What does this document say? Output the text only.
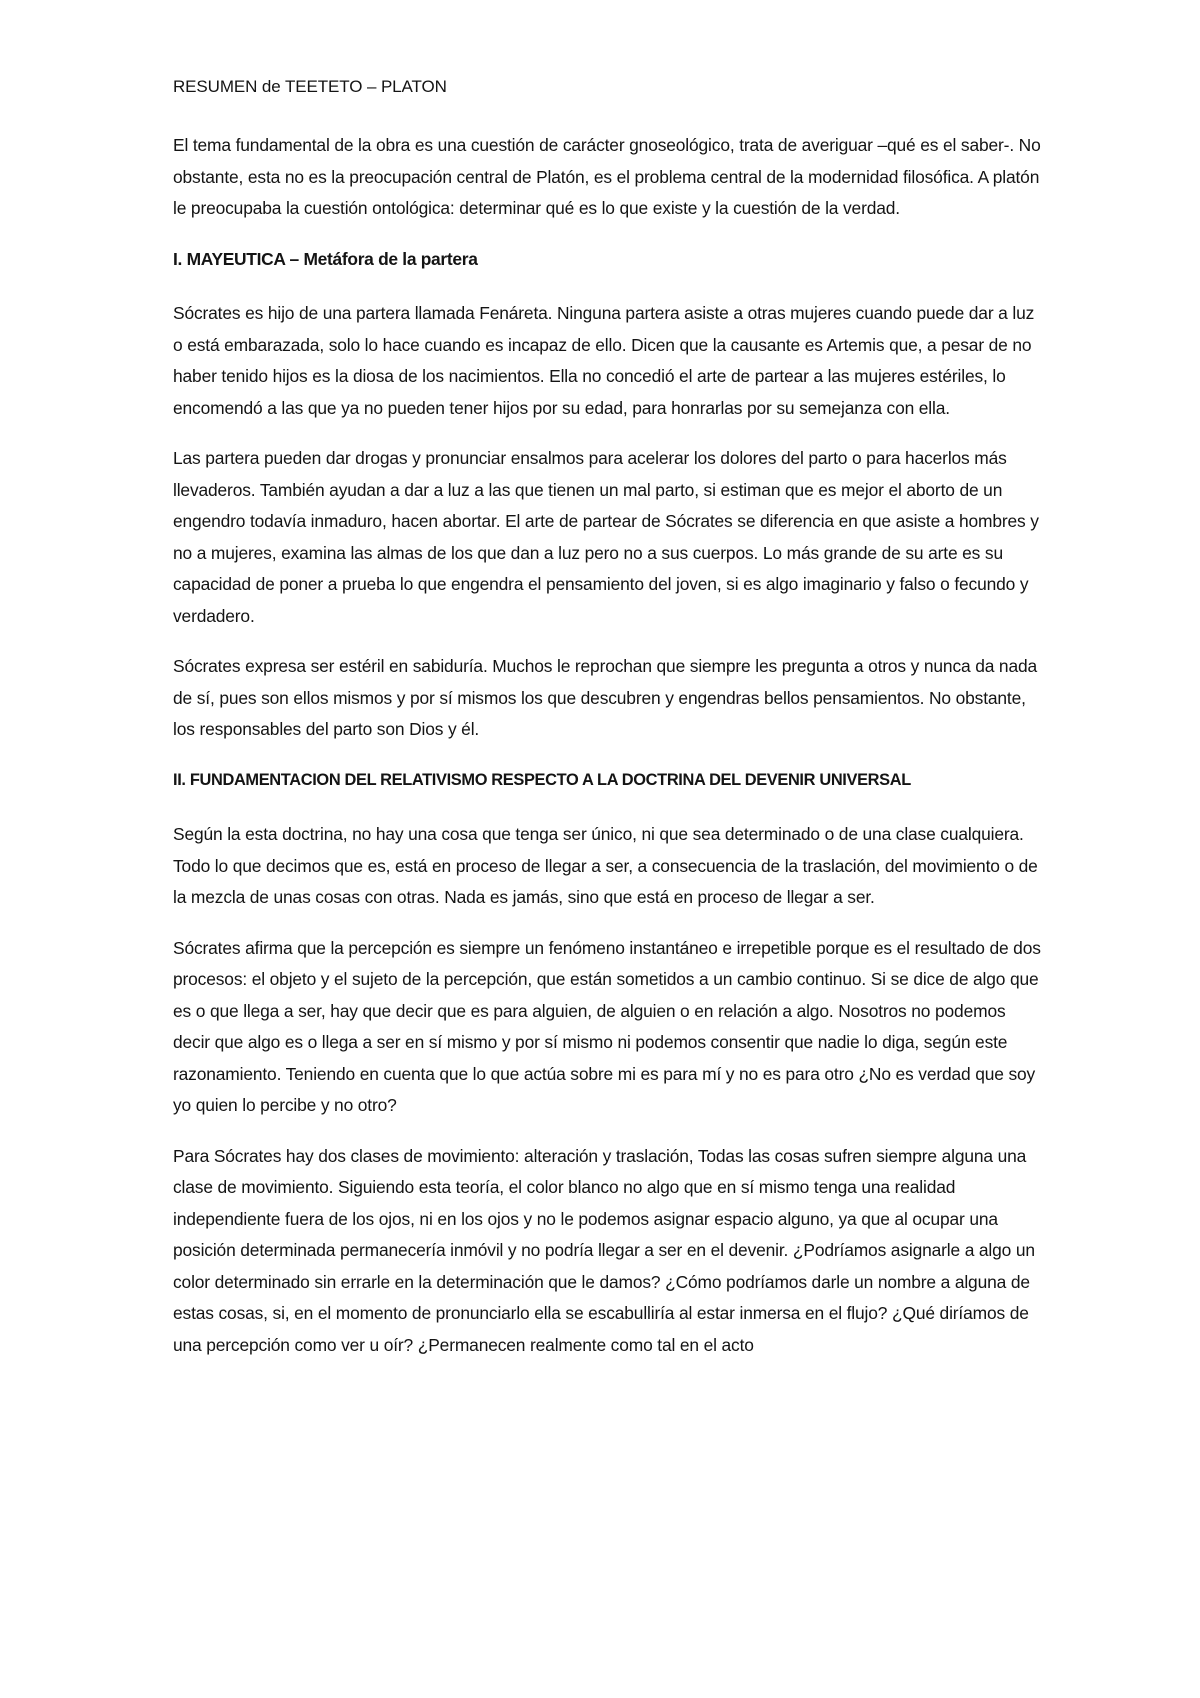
RESUMEN de TEETETO – PLATON

El tema fundamental de la obra es una cuestión de carácter gnoseológico, trata de averiguar –qué es el saber-. No obstante, esta no es la preocupación central de Platón, es el problema central de la modernidad filosófica. A platón le preocupaba la cuestión ontológica: determinar qué es lo que existe y la cuestión de la verdad.

I. MAYEUTICA – Metáfora de la partera

Sócrates es hijo de una partera llamada Fenáreta. Ninguna partera asiste a otras mujeres cuando puede dar a luz o está embarazada, solo lo hace cuando es incapaz de ello. Dicen que la causante es Artemis que, a pesar de no haber tenido hijos es la diosa de los nacimientos. Ella no concedió el arte de partear a las mujeres estériles, lo encomendó a las que ya no pueden tener hijos por su edad, para honrarlas por su semejanza con ella.

Las partera pueden dar drogas y pronunciar ensalmos para acelerar los dolores del parto o para hacerlos más llevaderos. También ayudan a dar a luz a las que tienen un mal parto, si estiman que es mejor el aborto de un engendro todavía inmaduro, hacen abortar. El arte de partear de Sócrates se diferencia en que asiste a hombres y no a mujeres, examina las almas de los que dan a luz pero no a sus cuerpos. Lo más grande de su arte es su capacidad de poner a prueba lo que engendra el pensamiento del joven, si es algo imaginario y falso o fecundo y verdadero.

Sócrates expresa ser estéril en sabiduría. Muchos le reprochan que siempre les pregunta a otros y nunca da nada de sí, pues son ellos mismos y por sí mismos los que descubren y engendras bellos pensamientos. No obstante, los responsables del parto son Dios y él.

II. FUNDAMENTACION DEL RELATIVISMO RESPECTO A LA DOCTRINA DEL DEVENIR UNIVERSAL

Según la esta doctrina, no hay una cosa que tenga ser único, ni que sea determinado o de una clase cualquiera. Todo lo que decimos que es, está en proceso de llegar a ser, a consecuencia de la traslación, del movimiento o de la mezcla de unas cosas con otras. Nada es jamás, sino que está en proceso de llegar a ser.

Sócrates afirma que la percepción es siempre un fenómeno instantáneo e irrepetible porque es el resultado de dos procesos: el objeto y el sujeto de la percepción, que están sometidos a un cambio continuo. Si se dice de algo que es o que llega a ser, hay que decir que es para alguien, de alguien o en relación a algo. Nosotros no podemos decir que algo es o llega a ser en sí mismo y por sí mismo ni podemos consentir que nadie lo diga, según este razonamiento. Teniendo en cuenta que lo que actúa sobre mi es para mí y no es para otro ¿No es verdad que soy yo quien lo percibe y no otro?

Para Sócrates hay dos clases de movimiento: alteración y traslación, Todas las cosas sufren siempre alguna una clase de movimiento. Siguiendo esta teoría, el color blanco no algo que en sí mismo tenga una realidad independiente fuera de los ojos, ni en los ojos y no le podemos asignar espacio alguno, ya que al ocupar una posición determinada permanecería inmóvil y no podría llegar a ser en el devenir. ¿Podríamos asignarle a algo un color determinado sin errarle en la determinación que le damos? ¿Cómo podríamos darle un nombre a alguna de estas cosas, si, en el momento de pronunciarlo ella se escabulliría al estar inmersa en el flujo? ¿Qué diríamos de una percepción como ver u oír? ¿Permanecen realmente como tal en el acto
